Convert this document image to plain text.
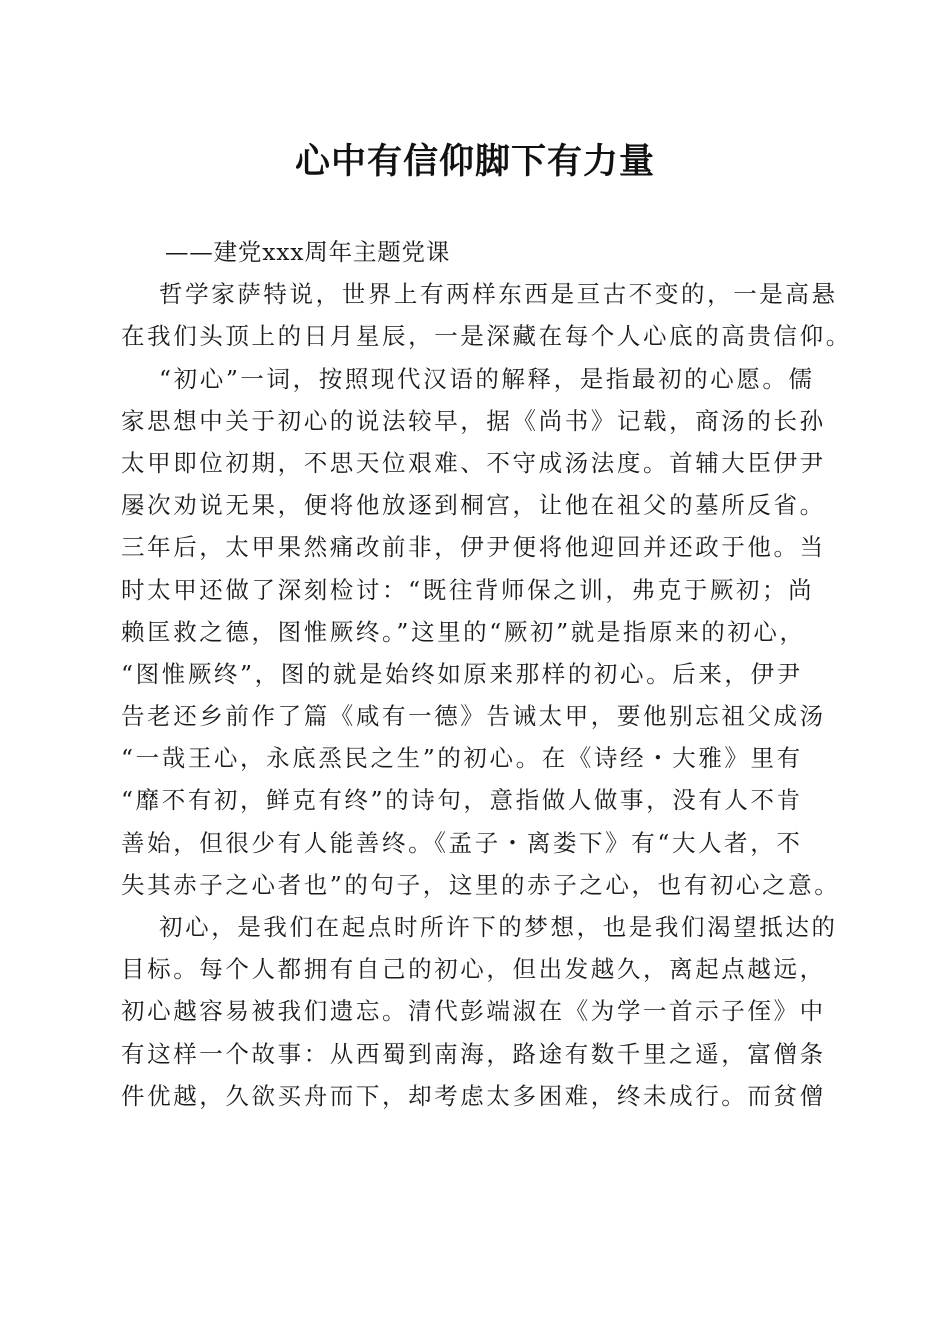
心中有信仰脚下有力量
——建党xxx周年主题党课
哲学家萨特说，世界上有两样东西是亘古不变的，一是高悬
在我们头顶上的日月星辰，一是深藏在每个人心底的高贵信仰。
“初心”一词，按照现代汉语的解释，是指最初的心愿。儒
家思想中关于初心的说法较早，据《尚书》记载，商汤的长孙
太甲即位初期，不思天位艰难、不守成汤法度。首辅大臣伊尹
屡次劝说无果，便将他放逐到桐宫，让他在祖父的墓所反省。
三年后，太甲果然痛改前非，伊尹便将他迎回并还政于他。当
时太甲还做了深刻检讨：“既往背师保之训，弗克于厥初；尚
赖匡救之德，图惟厥终。”这里的“厥初”就是指原来的初心，
“图惟厥终”，图的就是始终如原来那样的初心。后来，伊尹
告老还乡前作了篇《咸有一德》告诫太甲，要他别忘祖父成汤
“一哉王心，永底烝民之生”的初心。在《诗经・大雅》里有
“靡不有初，鲜克有终”的诗句，意指做人做事，没有人不肯
善始，但很少有人能善终。《孟子・离娄下》有“大人者，不
失其赤子之心者也”的句子，这里的赤子之心，也有初心之意。
初心，是我们在起点时所许下的梦想，也是我们渴望抵达的
目标。每个人都拥有自己的初心，但出发越久，离起点越远，
初心越容易被我们遗忘。清代彭端淑在《为学一首示子侄》中
有这样一个故事：从西蜀到南海，路途有数千里之遥，富僧条
件优越，久欲买舟而下，却考虑太多困难，终未成行。而贫僧
